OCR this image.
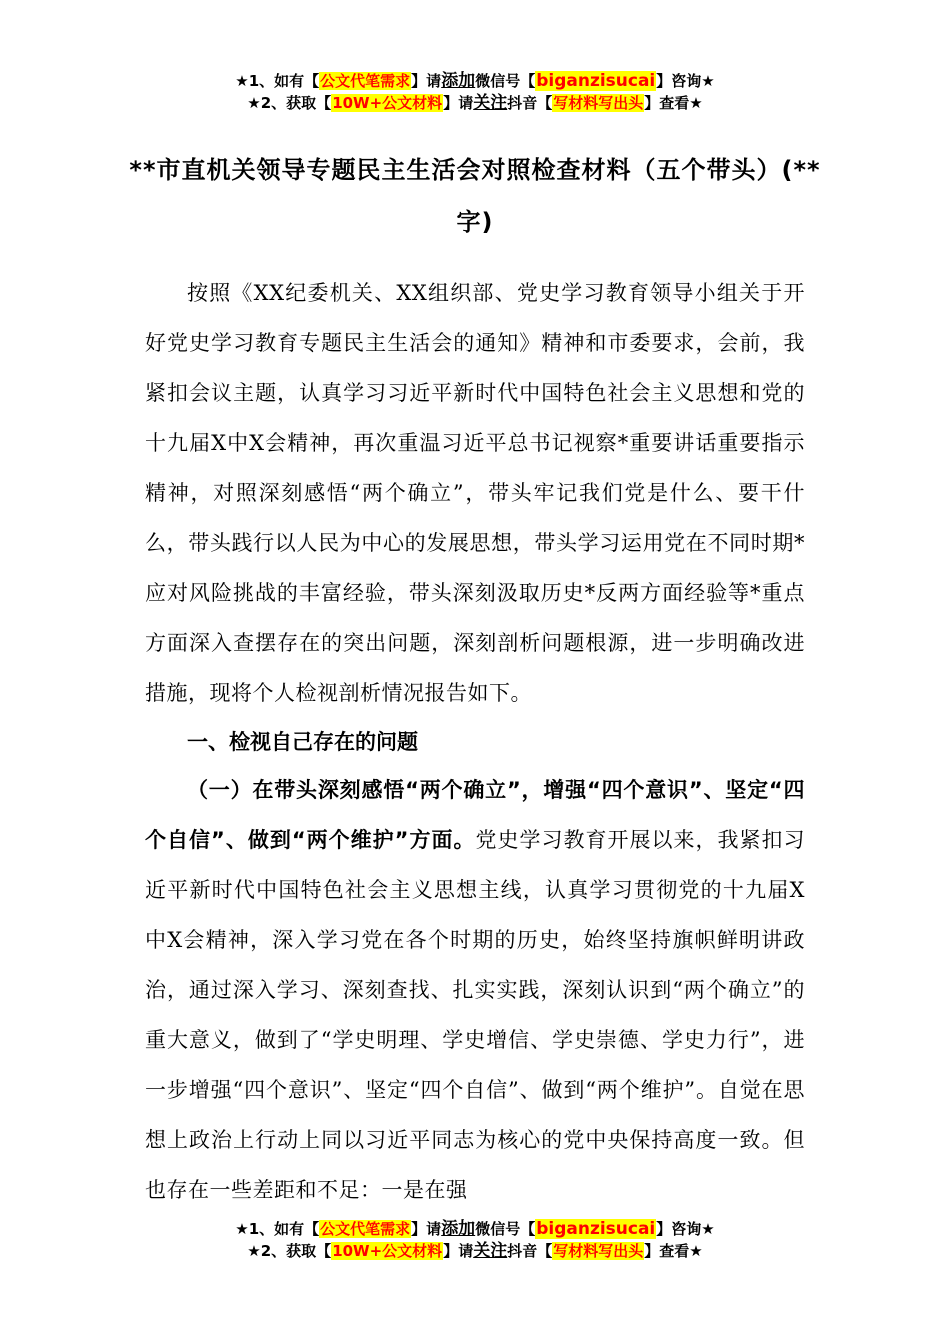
★1、如有【公文代笔需求】请添加微信号【biganzisucai】咨询★
★2、获取【10W+公文材料】请关注抖音【写材料写出头】查看★
**市直机关领导专题民主生活会对照检查材料（五个带头）(**字)

按照《XX纪委机关、XX组织部、党史学习教育领导小组关于开好党史学习教育专题民主生活会的通知》精神和市委要求，会前，我紧扣会议主题，认真学习习近平新时代中国特色社会主义思想和党的十九届X中X会精神，再次重温习近平总书记视察*重要讲话重要指示精神，对照深刻感悟“两个确立”，带头牢记我们党是什么、要干什么，带头践行以人民为中心的发展思想，带头学习运用党在不同时期*应对风险挑战的丰富经验，带头深刻汲取历史*反两方面经验等*重点方面深入查摆存在的突出问题，深刻剖析问题根源，进一步明确改进措施，现将个人检视剖析情况报告如下。

一、检视自己存在的问题

（一）在带头深刻感悟“两个确立”，增强“四个意识”、坚定“四个自信”、做到“两个维护”方面。党史学习教育开展以来，我紧扣习近平新时代中国特色社会主义思想主线，认真学习贯彻党的十九届X中X会精神，深入学习党在各个时期的历史，始终坚持旗帜鲜明讲政治，通过深入学习、深刻查找、扎实实践，深刻认识到“两个确立”的重大意义，做到了“学史明理、学史增信、学史崇德、学史力行”，进一步增强“四个意识”、坚定“四个自信”、做到“两个维护”。自觉在思想上政治上行动上同以习近平同志为核心的党中央保持高度一致。但也存在一些差距和不足：一是在强

★1、如有【公文代笔需求】请添加微信号【biganzisucai】咨询★
★2、获取【10W+公文材料】请关注抖音【写材料写出头】查看★
